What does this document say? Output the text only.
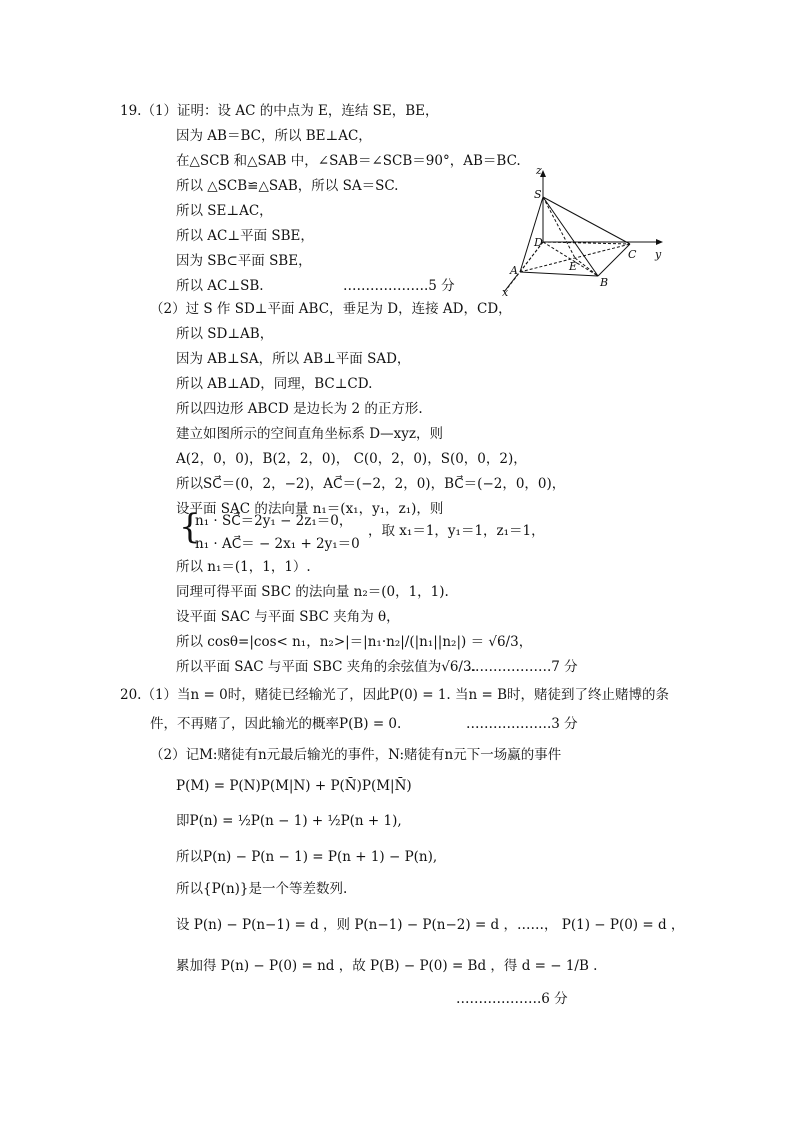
19.（1）证明：设 AC 的中点为 E，连结 SE，BE，
因为 AB＝BC，所以 BE⊥AC，
在△SCB 和△SAB 中，∠SAB＝∠SCB＝90°，AB＝BC.
所以 △SCB≌△SAB，所以 SA＝SC.
所以 SE⊥AC，
所以 AC⊥平面 SBE，
因为 SB⊂平面 SBE，
所以 AC⊥SB.	……………….5 分
（2）过 S 作 SD⊥平面 ABC，垂足为 D，连接 AD，CD，
所以 SD⊥AB，
因为 AB⊥SA，所以 AB⊥平面 SAD，
所以 AB⊥AD，同理，BC⊥CD.
所以四边形 ABCD 是边长为 2 的正方形.
建立如图所示的空间直角坐标系 D—xyz，则
A(2，0，0)，B(2，2，0)， C(0，2，0)，S(0，0，2)，
所以SC⃗＝(0，2，−2)，AC⃗＝(−2，2，0)，BC⃗＝(−2，0，0)，
设平面 SAC 的法向量 n₁＝(x₁，y₁，z₁)，则
{
n₁ · SC⃗＝2y₁ − 2z₁＝0，
n₁ · AC⃗＝ − 2x₁ + 2y₁＝0
，取 x₁＝1，y₁＝1，z₁＝1，
所以 n₁＝(1，1，1）.
同理可得平面 SBC 的法向量 n₂＝(0，1，1).
设平面 SAC 与平面 SBC 夹角为 θ，
所以 cosθ=|cos< n₁，n₂>|＝|n₁·n₂|/(|n₁||n₂|) ＝ √6/3，
所以平面 SAC 与平面 SBC 夹角的余弦值为√6/3.
……………….7 分
20.（1）当n = 0时，赌徒已经输光了，因此P(0) = 1. 当n = B时，赌徒到了终止赌博的条
件，不再赌了，因此输光的概率P(B) = 0.	……………….3 分
（2）记M:赌徒有n元最后输光的事件，N:赌徒有n元下一场赢的事件
P(M) = P(N)P(M|N) + P(N̄)P(M|N̄)
即P(n) = ½P(n − 1) + ½P(n + 1),
所以P(n) − P(n − 1) = P(n + 1) − P(n),
所以{P(n)}是一个等差数列.
设 P(n) − P(n−1) = d ，则 P(n−1) − P(n−2) = d ，……， P(1) − P(0) = d ，
累加得 P(n) − P(0) = nd ，故 P(B) − P(0) = Bd ，得 d = − 1/B .
……………….6 分
z
S
D
C y
A	E
B
x
